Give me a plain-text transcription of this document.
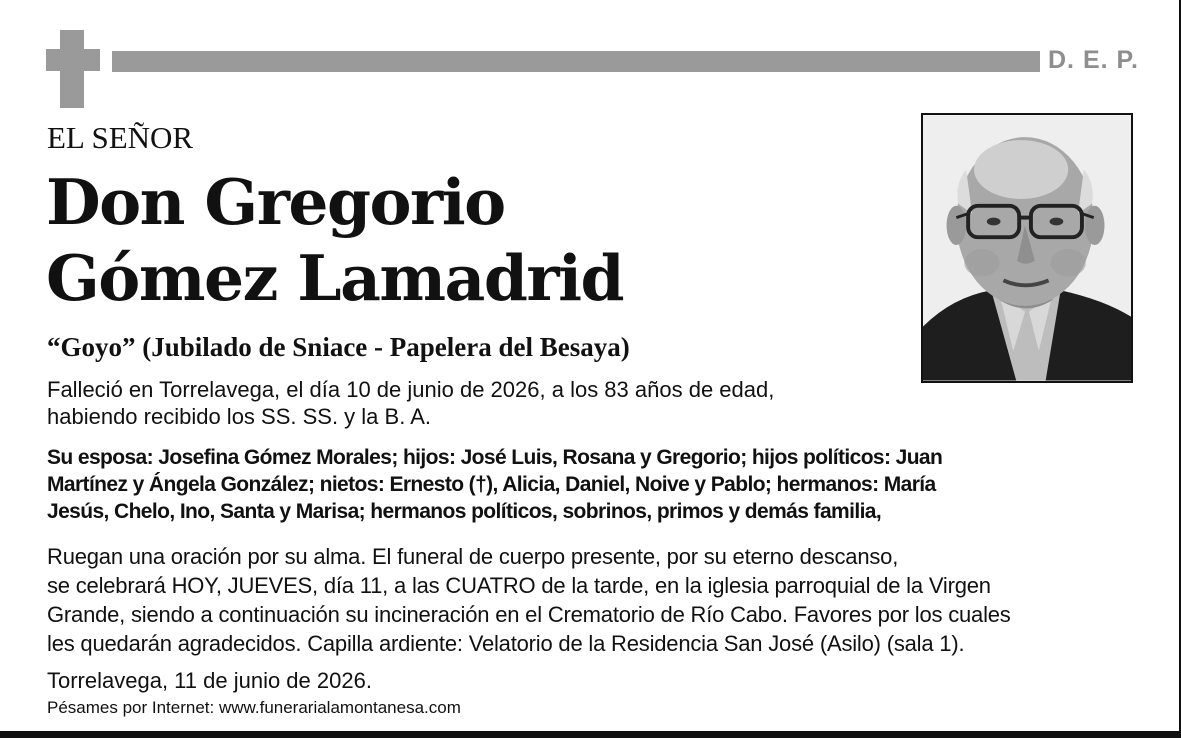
D. E. P.
EL SEÑOR
Don Gregorio
Gómez Lamadrid
“Goyo” (Jubilado de Sniace - Papelera del Besaya)
Falleció en Torrelavega, el día 10 de junio de 2026, a los 83 años de edad,
habiendo recibido los SS. SS. y la B. A.
Su esposa: Josefina Gómez Morales; hijos: José Luis, Rosana y Gregorio; hijos políticos: Juan
Martínez y Ángela González; nietos: Ernesto (†), Alicia, Daniel, Noive y Pablo; hermanos: María
Jesús, Chelo, Ino, Santa y Marisa; hermanos políticos, sobrinos, primos y demás familia,
Ruegan una oración por su alma. El funeral de cuerpo presente, por su eterno descanso,
se celebrará HOY, JUEVES, día 11, a las CUATRO de la tarde, en la iglesia parroquial de la Virgen
Grande, siendo a continuación su incineración en el Crematorio de Río Cabo. Favores por los cuales
les quedarán agradecidos. Capilla ardiente: Velatorio de la Residencia San José (Asilo) (sala 1).
Torrelavega, 11 de junio de 2026.
Pésames por Internet: www.funerarialamontanesa.com
